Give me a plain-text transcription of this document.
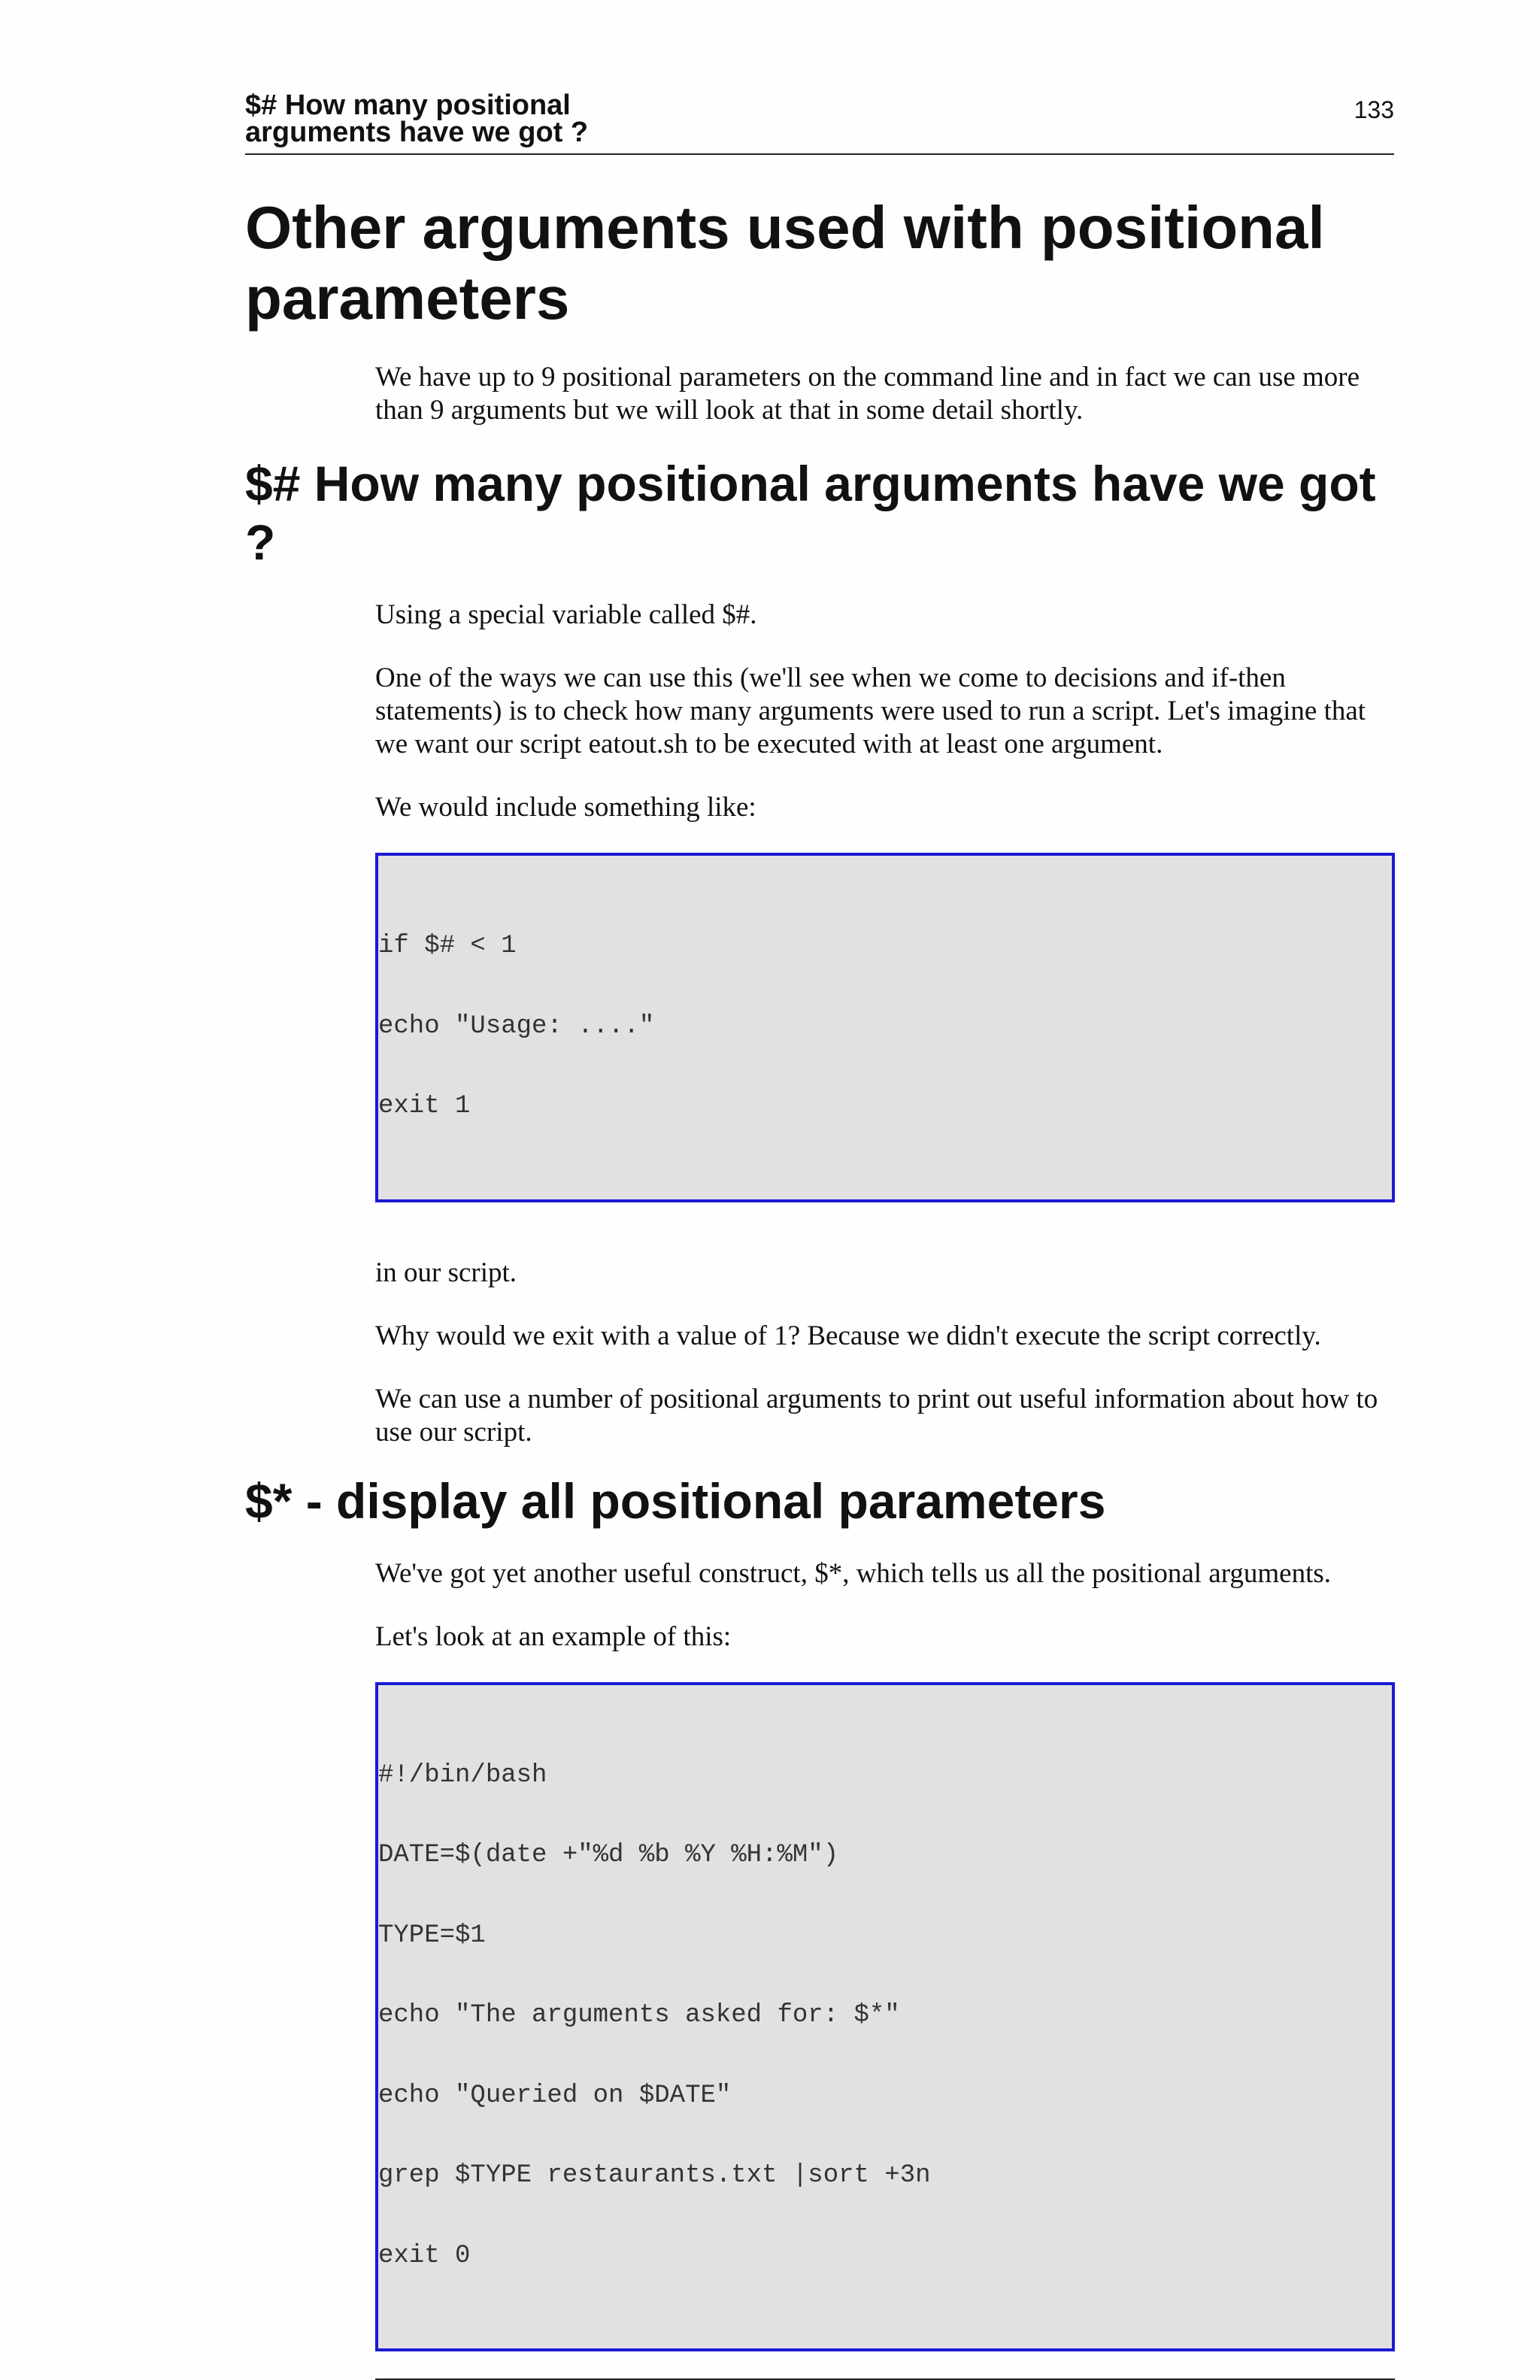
$# How many positional arguments have we got ?
133
Other arguments used with positional parameters

We have up to 9 positional parameters on the command line and in fact we can use more than 9 arguments but we will look at that in some detail shortly.

$# How many positional arguments have we got ?

Using a special variable called $#.

One of the ways we can use this (we'll see when we come to decisions and if-then statements) is to check how many arguments were used to run a script. Let's imagine that we want our script eatout.sh to be executed with at least one argument.

We would include something like:

if $# < 1

echo "Usage: ...."

exit 1

in our script.

Why would we exit with a value of 1? Because we didn't execute the script correctly.

We can use a number of positional arguments to print out useful information about how to use our script.

$* - display all positional parameters

We've got yet another useful construct, $*, which tells us all the positional arguments.

Let's look at an example of this:

#!/bin/bash

DATE=$(date +"%d %b %Y %H:%M")

TYPE=$1

echo "The arguments asked for: $*"

echo "Queried on $DATE"

grep $TYPE restaurants.txt |sort +3n

exit 0
